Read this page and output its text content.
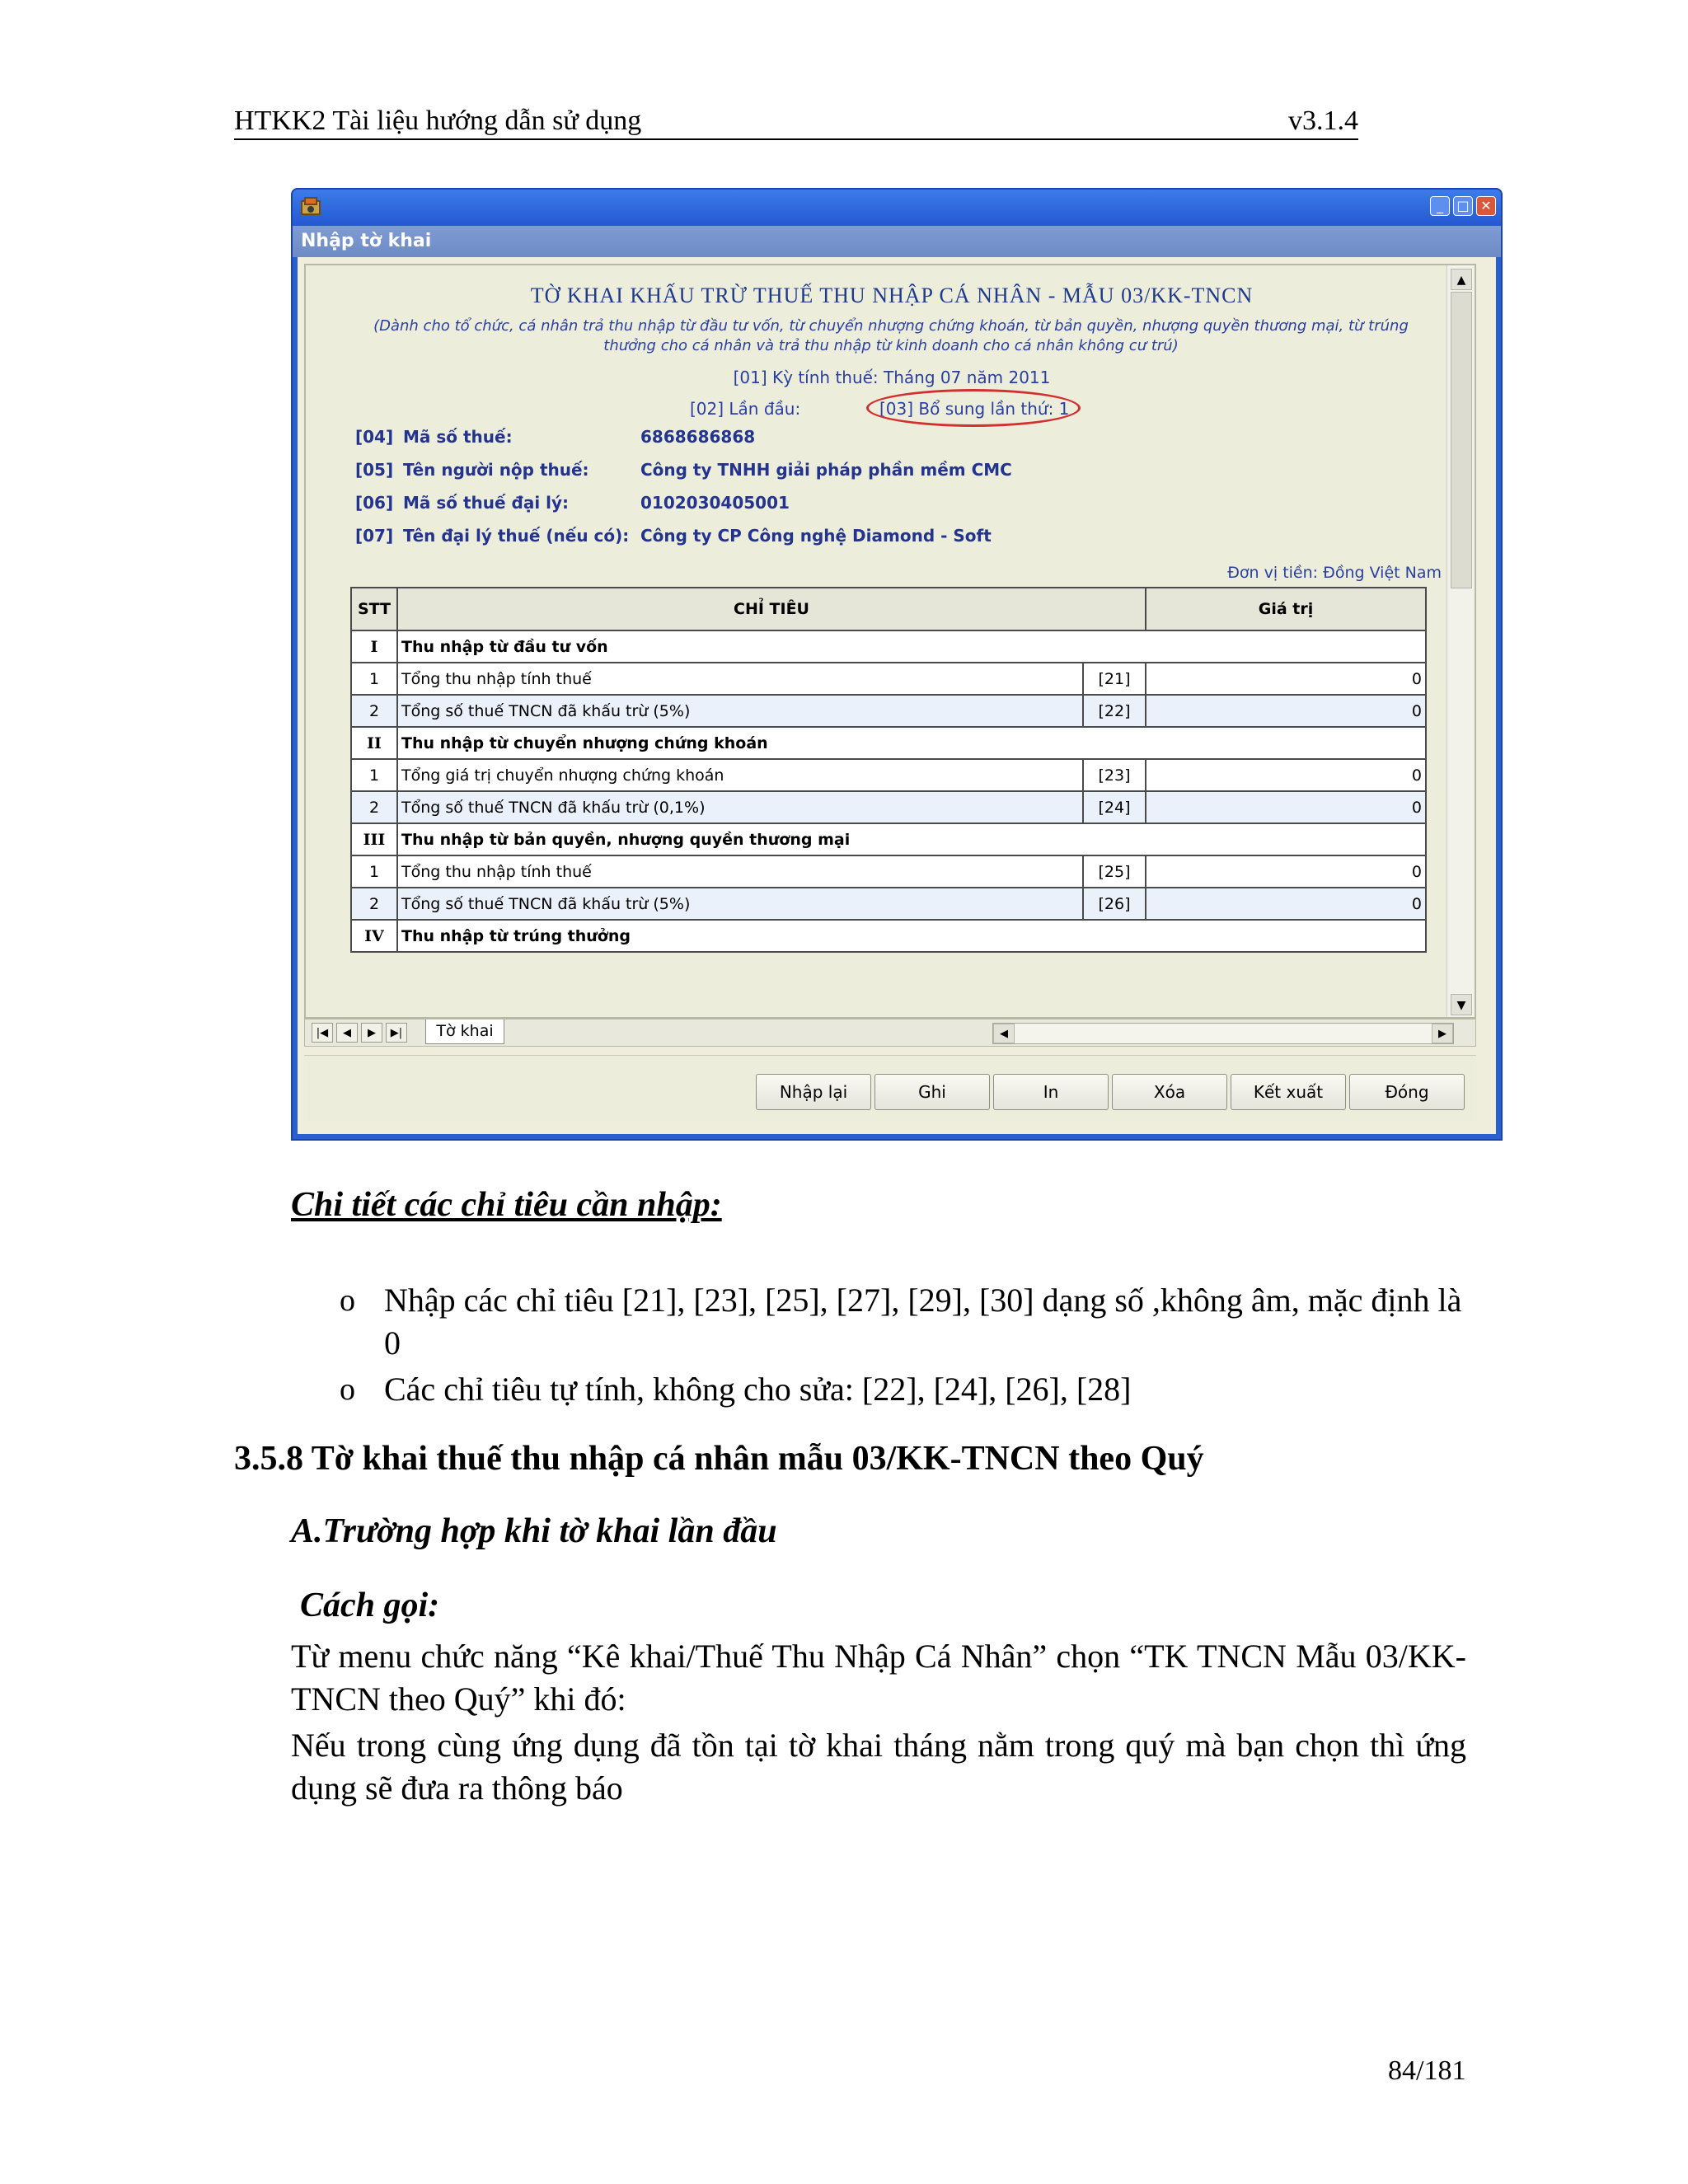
HTKK2 Tài liệu hướng dẫn sử dụng	v3.1.4
_	□ ✕
Nhập tờ khai
TỜ KHAI KHẤU TRỪ THUẾ THU NHẬP CÁ NHÂN - MẪU 03/KK-TNCN
(Dành cho tổ chức, cá nhân trả thu nhập từ đầu tư vốn, từ chuyển nhượng chứng khoán, từ bản quyền, nhượng quyền thương mại, từ trúng
thưởng cho cá nhân và trả thu nhập từ kinh doanh cho cá nhân không cư trú)
[01] Kỳ tính thuế: Tháng 07 năm 2011
[02] Lần đầu:	[03] Bổ sung lần thứ: 1
[04] Mã số thuế:	6868686868
[05] Tên người nộp thuế:	Công ty TNHH giải pháp phần mềm CMC
[06] Mã số thuế đại lý:	0102030405001
[07] Tên đại lý thuế (nếu có): Công ty CP Công nghệ Diamond - Soft
Đơn vị tiền: Đồng Việt Nam
STT	CHỈ TIÊU		Giá trị
I	Thu nhập từ đầu tư vốn		
1	Tổng thu nhập tính thuế	[21]	0
2	Tổng số thuế TNCN đã khấu trừ (5%)	[22]	0
II	Thu nhập từ chuyển nhượng chứng khoán		
1	Tổng giá trị chuyển nhượng chứng khoán	[23]	0
2	Tổng số thuế TNCN đã khấu trừ (0,1%)	[24]	0
III	Thu nhập từ bản quyền, nhượng quyền thương mại		
1	Tổng thu nhập tính thuế	[25]	0
2	Tổng số thuế TNCN đã khấu trừ (5%)	[26]	0
IV	Thu nhập từ trúng thưởng		
▲
▼
|◀	◀	▶	▶|	Tờ khai	◀	▶
Nhập lại	Ghi	In	Xóa	Kết xuất	Đóng
Chi tiết các chỉ tiêu cần nhập:
o Nhập các chỉ tiêu [21], [23], [25], [27], [29], [30] dạng số ,không âm, mặc định là 0
o Các chỉ tiêu tự tính, không cho sửa: [22], [24], [26], [28]
3.5.8 Tờ khai thuế thu nhập cá nhân mẫu 03/KK-TNCN theo Quý
A.Trường hợp khi tờ khai lần đầu
Cách gọi:
Từ menu chức năng “Kê khai/Thuế Thu Nhập Cá Nhân” chọn “TK TNCN Mẫu 03/KK-TNCN theo Quý” khi đó:
Nếu trong cùng ứng dụng đã tồn tại tờ khai tháng nằm trong quý mà bạn chọn thì ứng dụng sẽ đưa ra thông báo
84/181
